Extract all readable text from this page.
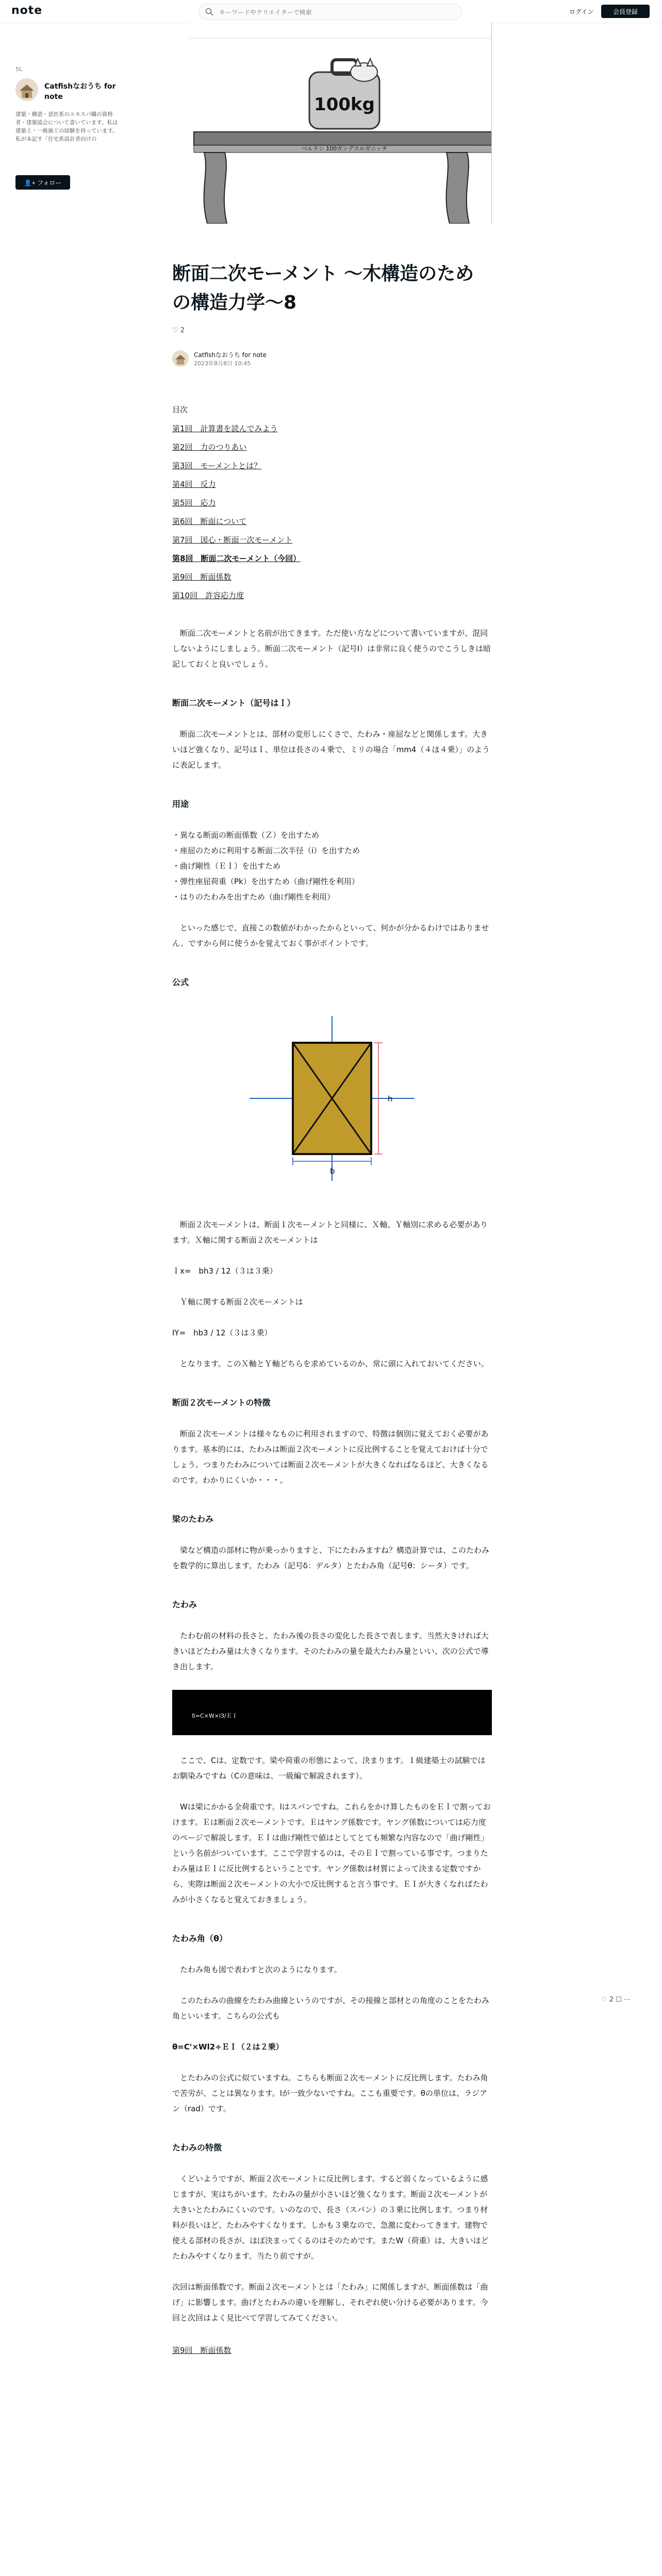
note
キーワードやクリエイターで検索	ログイン	会員登録
5L
Catfishなおうち for note
建築・構造・意匠系のエキスパ職の資格者・建築協会について書いています。私は建築士・一級施工の経験を持っています。私が本記す「住宅系設計者向けの
👤+ フォロー
100kg
ベルラン 100ガンデスルガニッチ
断面二次モーメント 〜木構造のための構造力学〜8
♡ 2
Catfishなおうち for note
2023年8月8日 10:45
目次
第1回　計算書を読んでみよう
第2回　力のつりあい
第3回　モーメントとは？
第4回　反力
第5回　応力
第6回　断面について
第7回　図心・断面一次モーメント
第8回　断面二次モーメント（今回）
第9回　断面係数
第10回　許容応力度

断面二次モーメントと名前が出てきます。ただ使い方などについて書いていますが、混同しないようにしましょう。断面二次モーメント（記号I）は非常に良く使うのでこうしきは暗記しておくと良いでしょう。

断面二次モーメント（記号はＩ）

断面二次モーメントとは、部材の変形しにくさで、たわみ・座屈などと関係します。大きいほど強くなり、記号はＩ、単位は長さの４乗で、ミリの場合「mm4（４ほ４乗）」のように表記します。

用途

・異なる断面の断面係数（Ｚ）を出すため

・座屈のために利用する断面二次半径（i）を出すため

・曲げ剛性（ＥＩ）を出すため

・弾性座屈荷重（Pk）を出すため（曲げ剛性を利用）

・はりのたわみを出すため（曲げ剛性を利用）

といった感じで、直接この数値がわかったからといって、何かが分かるわけではありません。ですから何に使うかを覚えておく事がポイントです。

公式
h
b

断面２次モーメントは、断面１次モーメントと同様に、Ｘ軸、Ｙ軸別に求める必要があります。Ｘ軸に関する断面２次モーメントは

Ｉx=　bh3 / 12（３は３乗）

Ｙ軸に関する断面２次モーメントは

IY=　hb3 / 12（３は３乗）

となります。このＸ軸とＹ軸どちらを求めているのか、常に頭に入れておいてください。

断面２次モーメントの特徴

断面２次モーメントは様々なものに利用されますので、特徴は個別に覚えておく必要があります。基本的には、たわみは断面２次モーメントに反比例することを覚えておけば十分でしょう。つまりたわみについては断面２次モーメントが大きくなればなるほど、大きくなるのです。わかりにくいか・・・。

梁のたわみ

梁など構造の部材に物が乗っかりますと、下にたわみますね？構造計算では、このたわみを数学的に算出します。たわみ（記号δ：デルタ）とたわみ角（記号θ：シータ）です。

たわみ

たわむ前の材料の長さと、たわみ後の長さの変化した長さで表します。当然大きければ大きいほどたわみ量は大きくなります。そのたわみの量を最大たわみ量といい、次の公式で導き出します。

δ=C×W×l3/ＥＩ

ここで、Cは、定数です。梁や荷重の形態によって、決まります。１級建築士の試験ではお馴染みですね（Cの意味は、一級編で解説されます）。

Wは梁にかかる全荷重です。lはスパンですね。これらをかけ算したものをＥＩで割っておけます。Ｅは断面２次モーメントです。Ｅはヤング係数です。ヤング係数については応力度のページで解説します。ＥＩは曲げ剛性で値はとしてとても頻繁な内容なので「曲げ剛性」という名前がついています。ここで学習するのは、そのＥＩで割っている事です。つまりたわみ量はＥＩに反比例するということです。ヤング係数は材質によって決まる定数ですから、実際は断面２次モーメントの大小で反比例すると言う事です。ＥＩが大きくなればたわみが小さくなると覚えておきましょう。

たわみ角（θ）

たわみ角も図で表わすと次のようになります。

このたわみの曲線をたわみ曲線というのですが、その接線と部材との角度のことをたわみ角といいます。こちらの公式も

θ=C'×Wl2÷ＥＩ（２は２乗）

とたわみの公式に似ていますね。こちらも断面２次モーメントに反比例します。たわみ角で苦労が、ことは異なります。lが一致少ないですね。ここも重要です。θの単位は、ラジアン（rad）です。

たわみの特徴

くどいようですが、断面２次モーメントに反比例します。するど弱くなっているように感じますが、実はちがいます。たわみの量が小さいほど強くなります。断面２次モーメントが大きいとたわみにくいのです。いのなので、長さ（スパン）の３乗に比例します。つまり材料が長いほど、たわみやすくなります。しかも３乗なので、急激に変わってきます。建物で使える部材の長さが、ほぼ決まってくるのはそのためです。またW（荷重）は、大きいほどたわみやすくなります。当たり前ですが。

次回は断面係数です。断面２次モーメントとは「たわみ」に関係しますが、断面係数は「曲げ」に影響します。曲げとたわみの違いを理解し、それぞれ使い分ける必要があります。今回と次回はよく見比べて学習してみてください。

第9回　断面係数
♡ 2 ☐ ⋯
